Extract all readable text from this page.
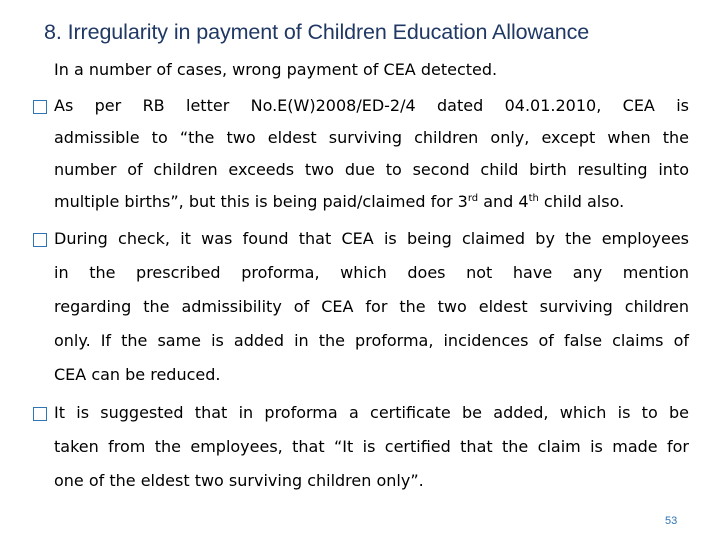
8. Irregularity in payment of Children Education Allowance
In a number of cases, wrong payment of CEA detected.
As per RB letter No.E(W)2008/ED-2/4 dated 04.01.2010, CEA is
admissible to “the two eldest surviving children only, except when the
number of children exceeds two due to second child birth resulting into
multiple births”, but this is being paid/claimed for 3rd and 4th child also.
During check, it was found that CEA is being claimed by the employees
in the prescribed proforma, which does not have any mention
regarding the admissibility of CEA for the two eldest surviving children
only. If the same is added in the proforma, incidences of false claims of
CEA can be reduced.
It is suggested that in proforma a certificate be added, which is to be
taken from the employees, that “It is certified that the claim is made for
one of the eldest two surviving children only”.
53
